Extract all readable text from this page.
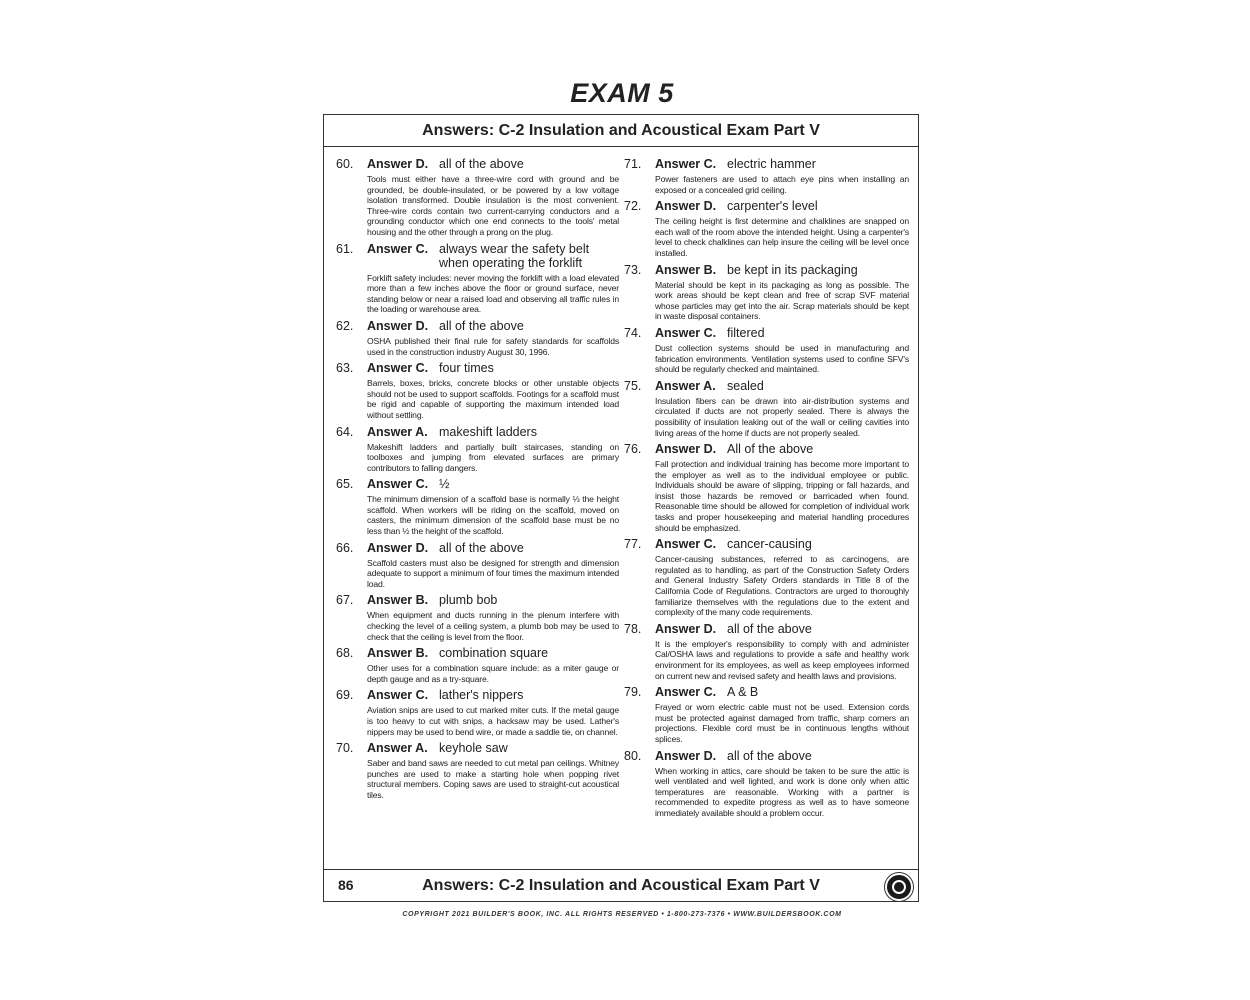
EXAM 5
Answers: C-2 Insulation and Acoustical Exam Part V
60.	Answer D. all of the above
Tools must either have a three-wire cord with ground and be grounded, be double-insulated, or be powered by a low voltage isolation transformed. Double insulation is the most convenient. Three-wire cords contain two current-carrying conductors and a grounding conductor which one end connects to the tools' metal housing and the other through a prong on the plug.
61.	Answer C. always wear the safety belt when operating the forklift
Forklift safety includes: never moving the forklift with a load elevated more than a few inches above the floor or ground surface, never standing below or near a raised load and observing all traffic rules in the loading or warehouse area.
62.	Answer D. all of the above
OSHA published their final rule for safety standards for scaffolds used in the construction industry August 30, 1996.
63.	Answer C. four times
Barrels, boxes, bricks, concrete blocks or other unstable objects should not be used to support scaffolds. Footings for a scaffold must be rigid and capable of supporting the maximum intended load without settling.
64.	Answer A. makeshift ladders
Makeshift ladders and partially built staircases, standing on toolboxes and jumping from elevated surfaces are primary contributors to falling dangers.
65.	Answer C. ½
The minimum dimension of a scaffold base is normally ⅓ the height scaffold. When workers will be riding on the scaffold, moved on casters, the minimum dimension of the scaffold base must be no less than ½ the height of the scaffold.
66.	Answer D. all of the above
Scaffold casters must also be designed for strength and dimension adequate to support a minimum of four times the maximum intended load.
67.	Answer B. plumb bob
When equipment and ducts running in the plenum interfere with checking the level of a ceiling system, a plumb bob may be used to check that the ceiling is level from the floor.
68.	Answer B. combination square
Other uses for a combination square include: as a miter gauge or depth gauge and as a try-square.
69.	Answer C. lather's nippers
Aviation snips are used to cut marked miter cuts. If the metal gauge is too heavy to cut with snips, a hacksaw may be used. Lather's nippers may be used to bend wire, or made a saddle tie, on channel.
70.	Answer A. keyhole saw
Saber and band saws are needed to cut metal pan ceilings. Whitney punches are used to make a starting hole when popping rivet structural members. Coping saws are used to straight-cut acoustical tiles.
71.	Answer C. electric hammer
Power fasteners are used to attach eye pins when installing an exposed or a concealed grid ceiling.
72.	Answer D. carpenter's level
The ceiling height is first determine and chalklines are snapped on each wall of the room above the intended height. Using a carpenter's level to check chalklines can help insure the ceiling will be level once installed.
73.	Answer B. be kept in its packaging
Material should be kept in its packaging as long as possible. The work areas should be kept clean and free of scrap SVF material whose particles may get into the air. Scrap materials should be kept in waste disposal containers.
74.	Answer C. filtered
Dust collection systems should be used in manufacturing and fabrication environments. Ventilation systems used to confine SFV's should be regularly checked and maintained.
75.	Answer A. sealed
Insulation fibers can be drawn into air-distribution systems and circulated if ducts are not properly sealed. There is always the possibility of insulation leaking out of the wall or ceiling cavities into living areas of the home if ducts are not properly sealed.
76.	Answer D. All of the above
Fall protection and individual training has become more important to the employer as well as to the individual employee or public. Individuals should be aware of slipping, tripping or fall hazards, and insist those hazards be removed or barricaded when found. Reasonable time should be allowed for completion of individual work tasks and proper housekeeping and material handling procedures should be emphasized.
77.	Answer C. cancer-causing
Cancer-causing substances, referred to as carcinogens, are regulated as to handling, as part of the Construction Safety Orders and General Industry Safety Orders standards in Title 8 of the California Code of Regulations. Contractors are urged to thoroughly familiarize themselves with the regulations due to the extent and complexity of the many code requirements.
78.	Answer D. all of the above
It is the employer's responsibility to comply with and administer Cal/OSHA laws and regulations to provide a safe and healthy work environment for its employees, as well as keep employees informed on current new and revised safety and health laws and provisions.
79.	Answer C. A & B
Frayed or worn electric cable must not be used. Extension cords must be protected against damaged from traffic, sharp corners an projections. Flexible cord must be in continuous lengths without splices.
80.	Answer D. all of the above
When working in attics, care should be taken to be sure the attic is well ventilated and well lighted, and work is done only when attic temperatures are reasonable. Working with a partner is recommended to expedite progress as well as to have someone immediately available should a problem occur.
86	Answers: C-2 Insulation and Acoustical Exam Part V
COPYRIGHT 2021 BUILDER'S BOOK, INC. ALL RIGHTS RESERVED • 1-800-273-7376 • WWW.BUILDERSBOOK.COM
